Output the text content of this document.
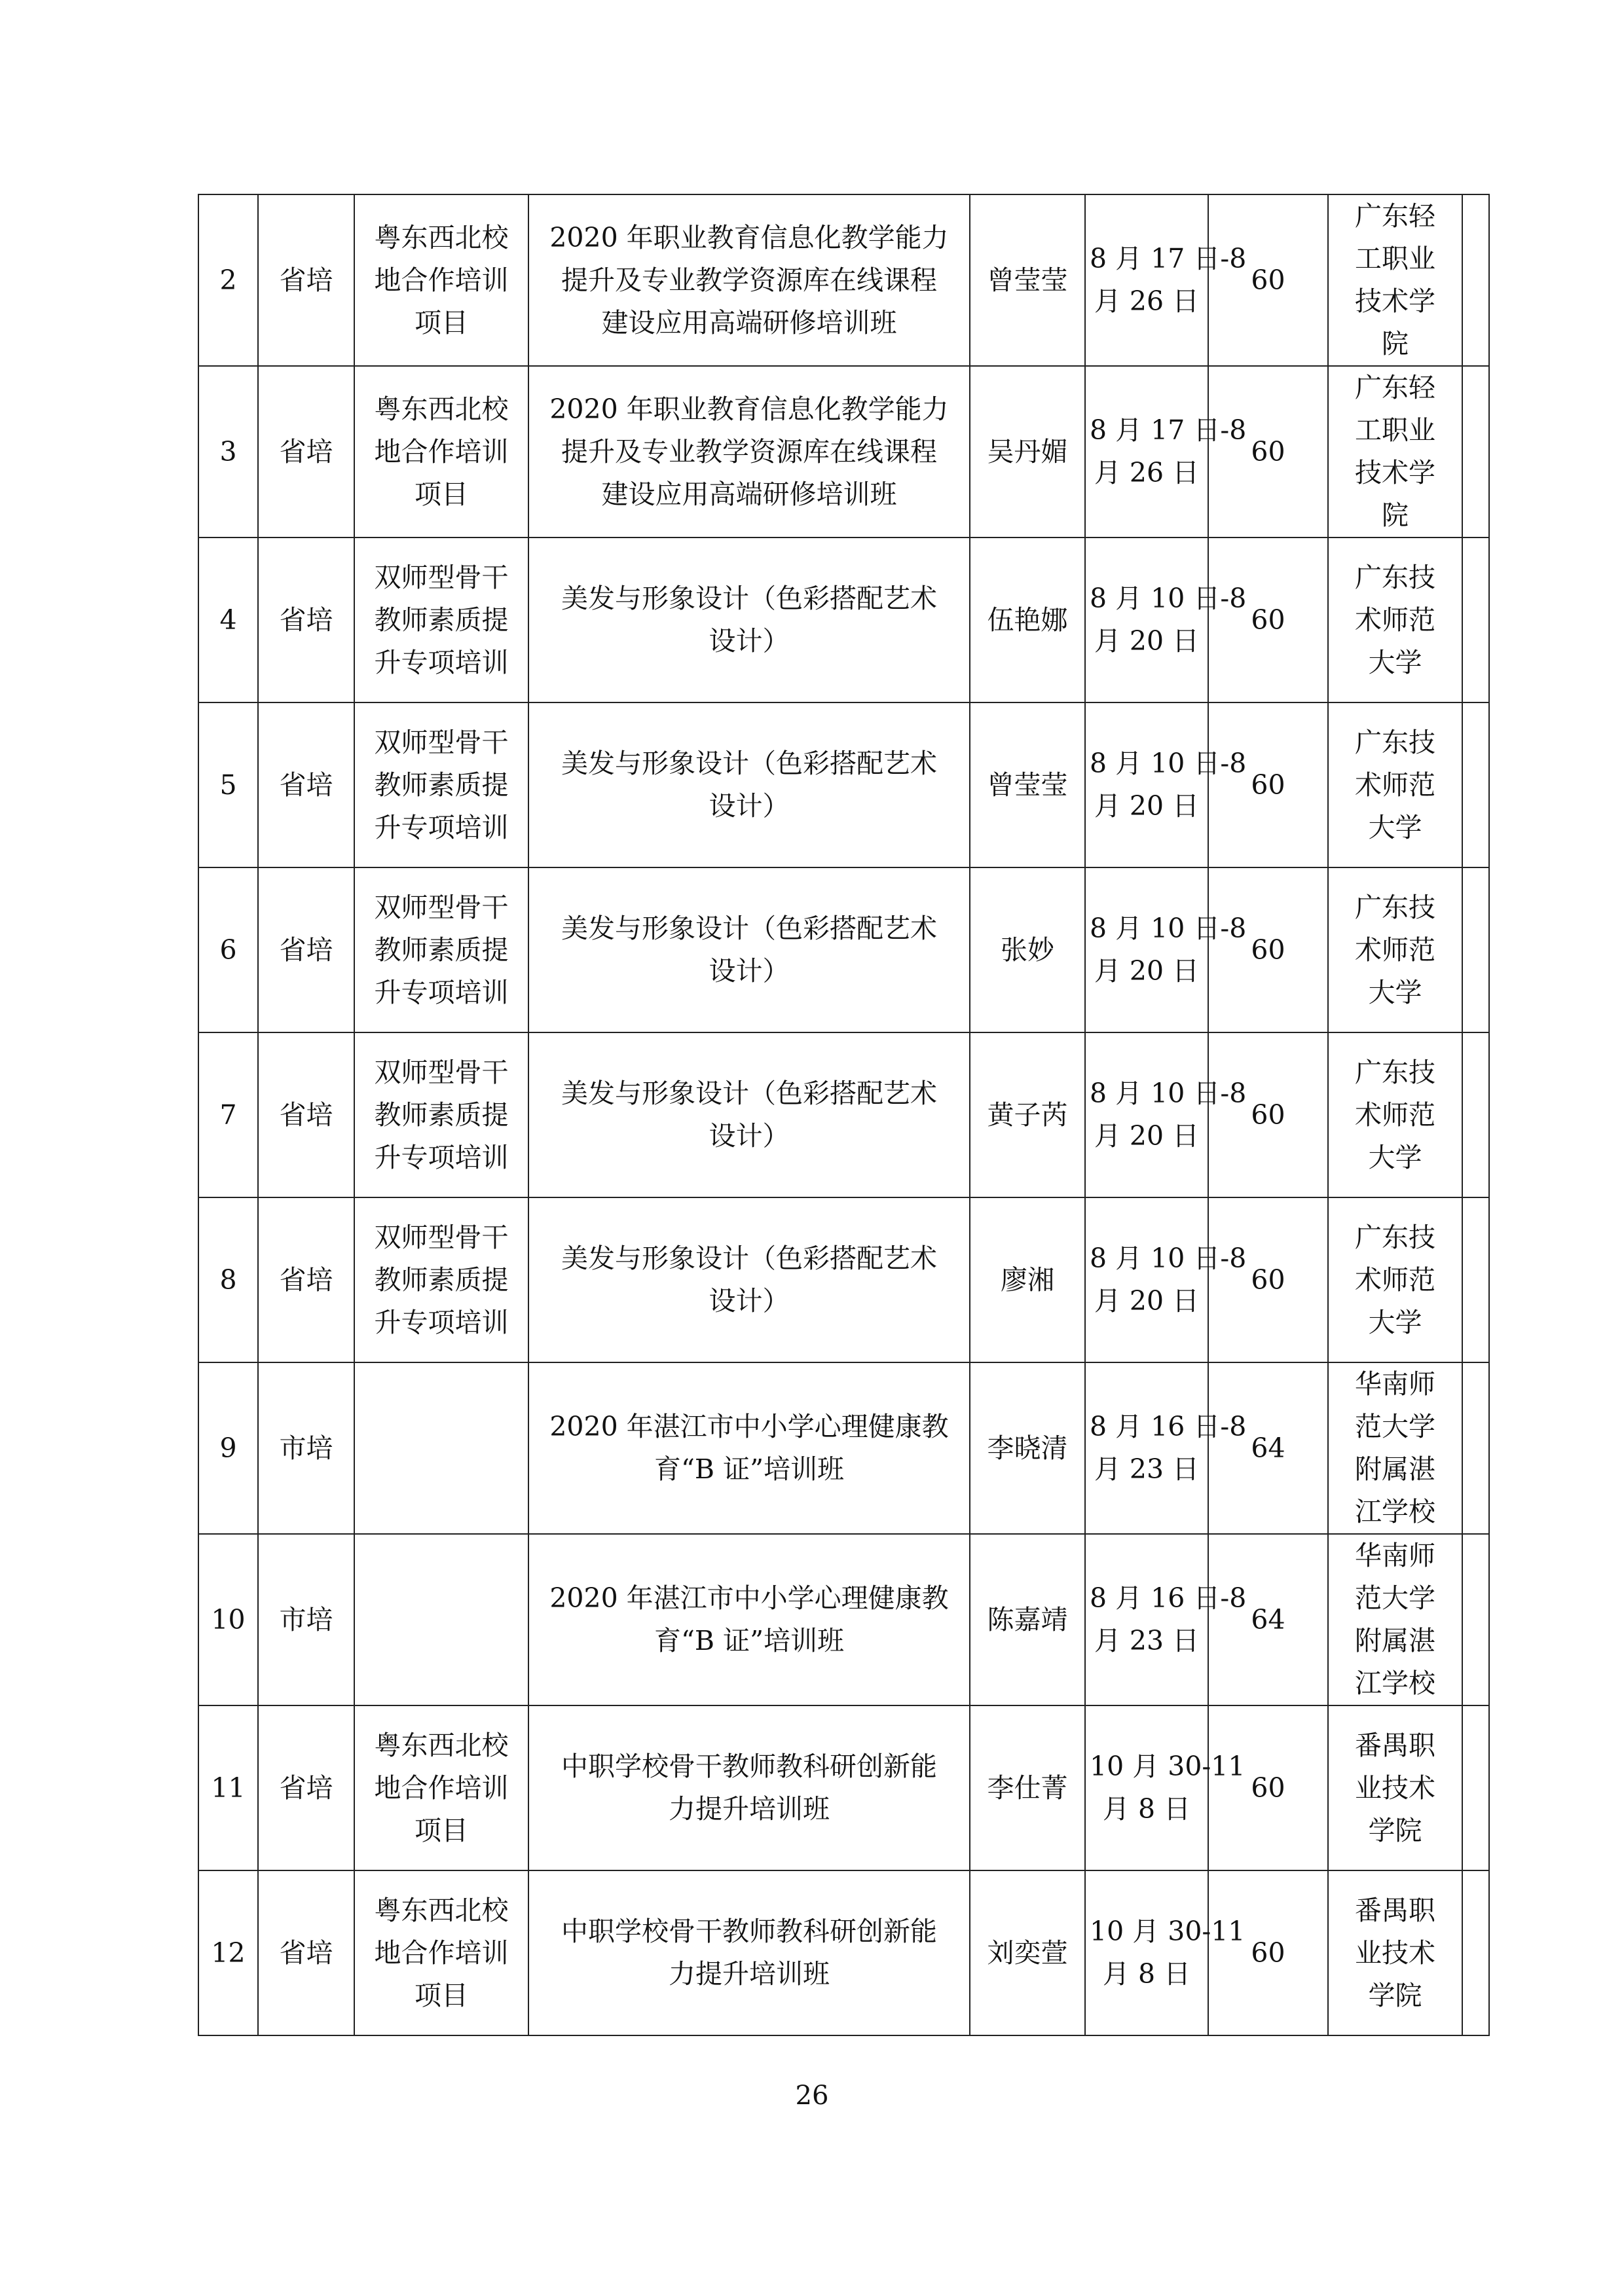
2	省培	粤东西北校
地合作培训
项目	2020 年职业教育信息化教学能力
提升及专业教学资源库在线课程
建设应用高端研修培训班	曾莹莹	8 月 17 日-8
月 26 日	60	广东轻
工职业
技术学
院	

3	省培	粤东西北校
地合作培训
项目	2020 年职业教育信息化教学能力
提升及专业教学资源库在线课程
建设应用高端研修培训班	吴丹媚	8 月 17 日-8
月 26 日	60	广东轻
工职业
技术学
院	

4	省培	双师型骨干
教师素质提
升专项培训	美发与形象设计（色彩搭配艺术
设计）	伍艳娜	8 月 10 日-8
月 20 日	60	广东技
术师范
大学	

5	省培	双师型骨干
教师素质提
升专项培训	美发与形象设计（色彩搭配艺术
设计）	曾莹莹	8 月 10 日-8
月 20 日	60	广东技
术师范
大学	

6	省培	双师型骨干
教师素质提
升专项培训	美发与形象设计（色彩搭配艺术
设计）	张妙	8 月 10 日-8
月 20 日	60	广东技
术师范
大学	

7	省培	双师型骨干
教师素质提
升专项培训	美发与形象设计（色彩搭配艺术
设计）	黄子芮	8 月 10 日-8
月 20 日	60	广东技
术师范
大学	

8	省培	双师型骨干
教师素质提
升专项培训	美发与形象设计（色彩搭配艺术
设计）	廖湘	8 月 10 日-8
月 20 日	60	广东技
术师范
大学	

9	市培		2020 年湛江市中小学心理健康教
育“B 证”培训班	李晓清	8 月 16 日-8
月 23 日	64	华南师
范大学
附属湛
江学校	

10	市培		2020 年湛江市中小学心理健康教
育“B 证”培训班	陈嘉靖	8 月 16 日-8
月 23 日	64	华南师
范大学
附属湛
江学校	

11	省培	粤东西北校
地合作培训
项目	中职学校骨干教师教科研创新能
力提升培训班	李仕菁	10 月 30-11
月 8 日	60	番禺职
业技术
学院	

12	省培	粤东西北校
地合作培训
项目	中职学校骨干教师教科研创新能
力提升培训班	刘奕萱	10 月 30-11
月 8 日	60	番禺职
业技术
学院	

26
